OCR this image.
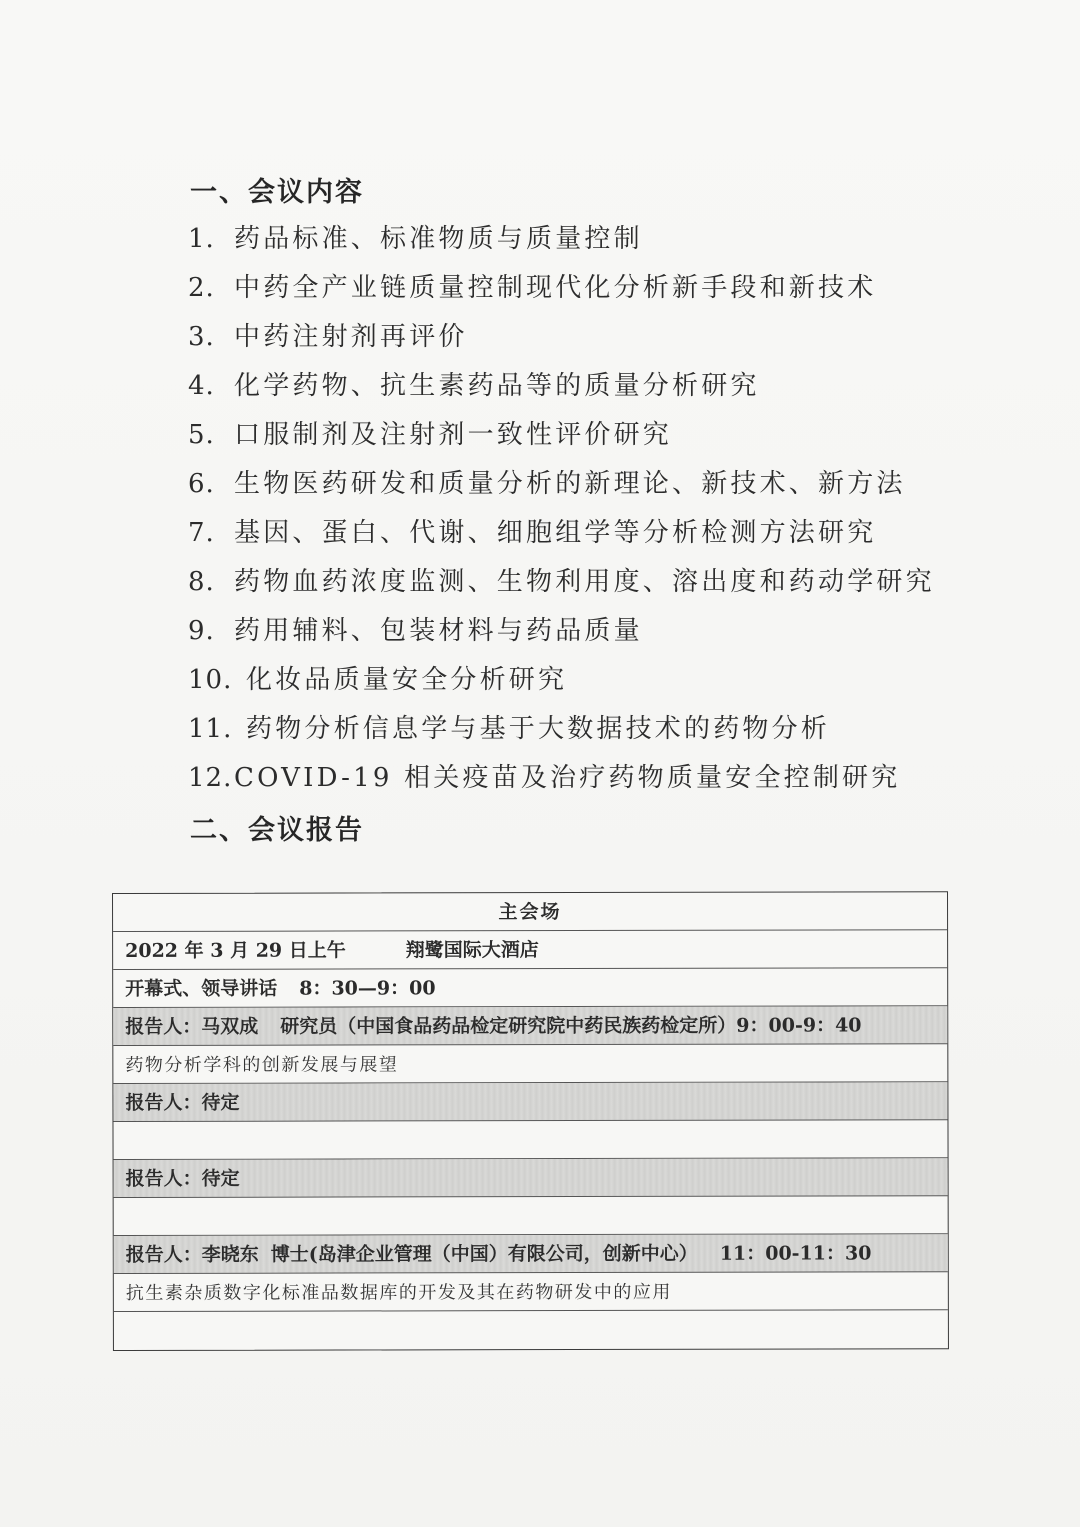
一、会议内容
1. 药品标准、标准物质与质量控制
2. 中药全产业链质量控制现代化分析新手段和新技术
3. 中药注射剂再评价
4. 化学药物、抗生素药品等的质量分析研究
5. 口服制剂及注射剂一致性评价研究
6. 生物医药研发和质量分析的新理论、新技术、新方法
7. 基因、蛋白、代谢、细胞组学等分析检测方法研究
8. 药物血药浓度监测、生物利用度、溶出度和药动学研究
9. 药用辅料、包装材料与药品质量
10. 化妆品质量安全分析研究
11. 药物分析信息学与基于大数据技术的药物分析
12. COVID-19 相关疫苗及治疗药物质量安全控制研究
二、会议报告
主会场
2022 年 3 月 29 日上午	翔鹭国际大酒店
开幕式、领导讲话 8：30—9：00
报告人：马双成 研究员（中国食品药品检定研究院中药民族药检定所）9：00-9：40
药物分析学科的创新发展与展望
报告人：待定
报告人：待定
报告人：李晓东 博士(岛津企业管理（中国）有限公司，创新中心） 11：00-11：30
抗生素杂质数字化标准品数据库的开发及其在药物研发中的应用
